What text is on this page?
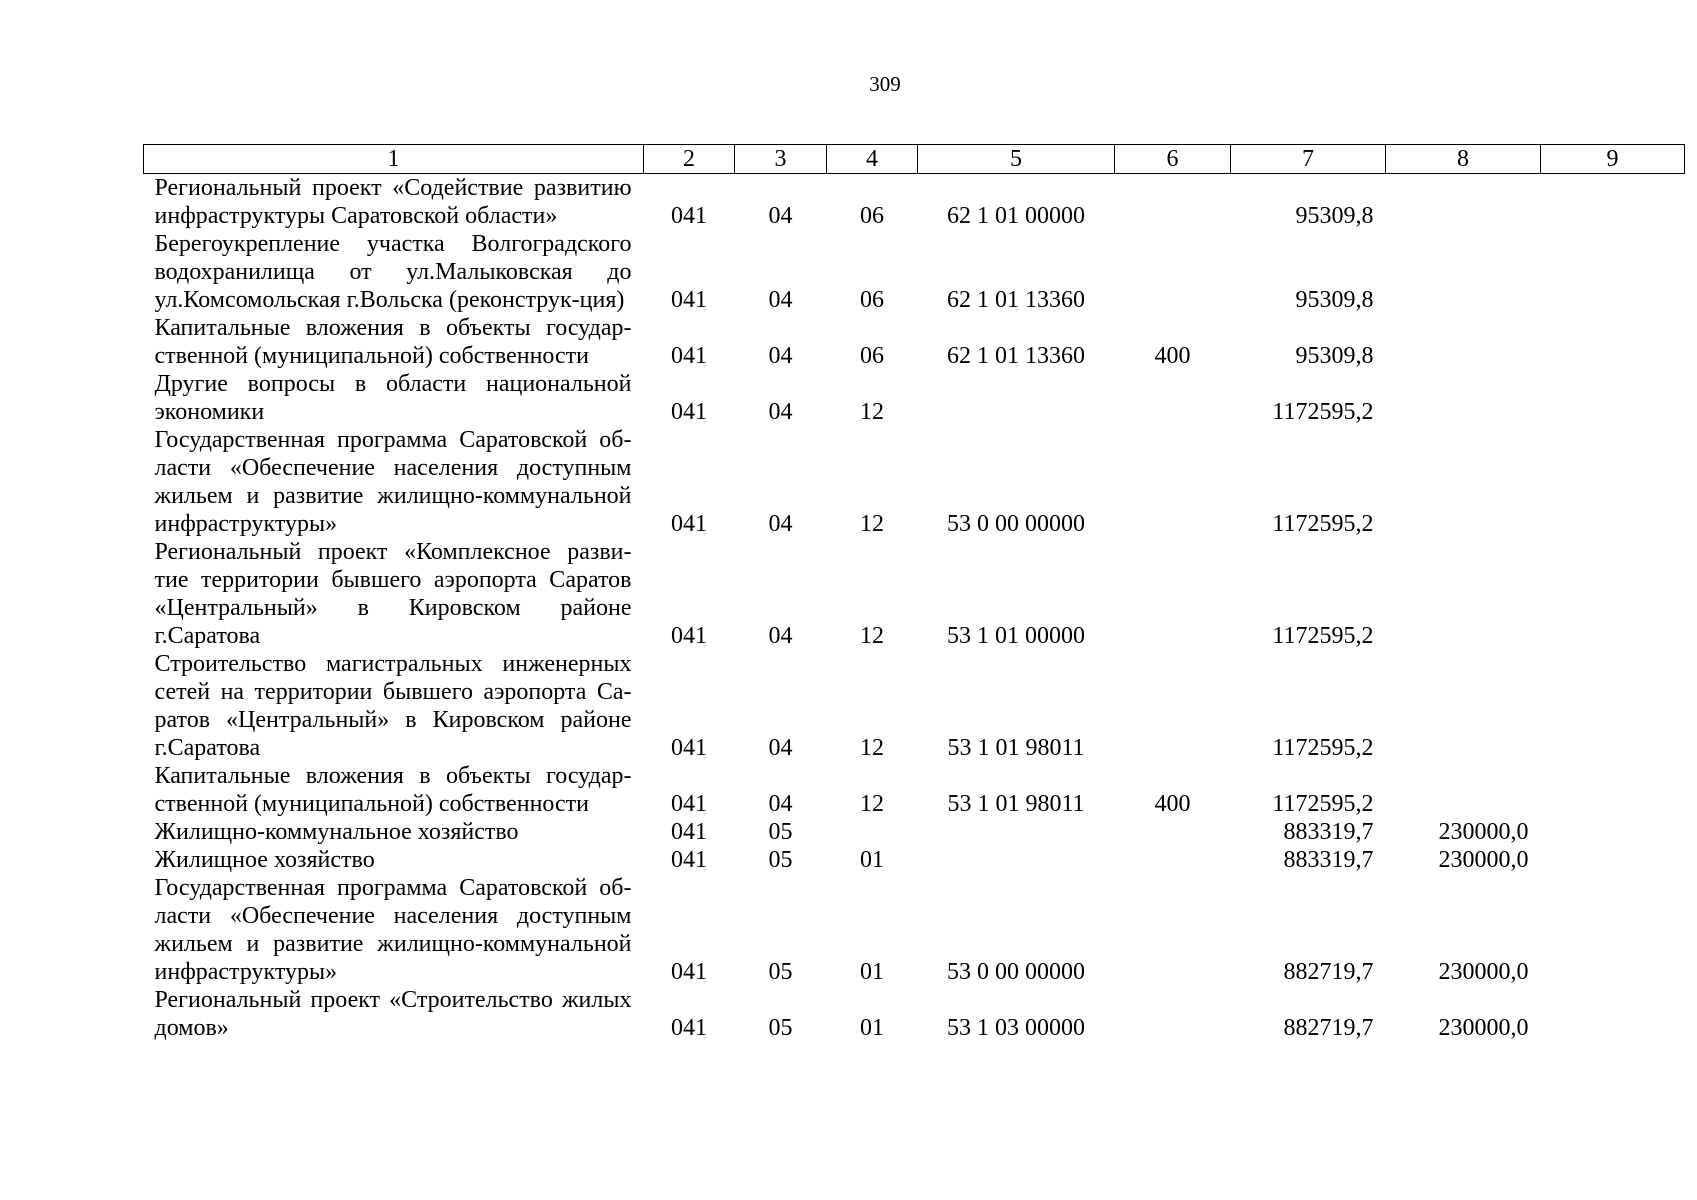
309
1	2	3	4	5	6	7	8	9
Региональный проект «Содействие развитию инфраструктуры Саратовской области»	041	04	06	62 1 01 00000		95309,8		
Берегоукрепление участка Волгоградского водохранилища от ул.Малыковская до ул.Комсомольская г.Вольска (реконструк-ция)	041	04	06	62 1 01 13360		95309,8		
Капитальные вложения в объекты государ-ственной (муниципальной) собственности	041	04	06	62 1 01 13360	400	95309,8		
Другие вопросы в области национальной экономики	041	04	12			1172595,2		
Государственная программа Саратовской об-ласти «Обеспечение населения доступным жильем и развитие жилищно-коммунальной инфраструктуры»	041	04	12	53 0 00 00000		1172595,2		
Региональный проект «Комплексное разви-тие территории бывшего аэропорта Саратов «Центральный» в Кировском районе г.Саратова	041	04	12	53 1 01 00000		1172595,2		
Строительство магистральных инженерных сетей на территории бывшего аэропорта Са-ратов «Центральный» в Кировском районе г.Саратова	041	04	12	53 1 01 98011		1172595,2		
Капитальные вложения в объекты государ-ственной (муниципальной) собственности	041	04	12	53 1 01 98011	400	1172595,2		
Жилищно-коммунальное хозяйство	041	05				883319,7	230000,0	
Жилищное хозяйство	041	05	01			883319,7	230000,0	
Государственная программа Саратовской об-ласти «Обеспечение населения доступным жильем и развитие жилищно-коммунальной инфраструктуры»	041	05	01	53 0 00 00000		882719,7	230000,0	
Региональный проект «Строительство жилых домов»	041	05	01	53 1 03 00000		882719,7	230000,0	
